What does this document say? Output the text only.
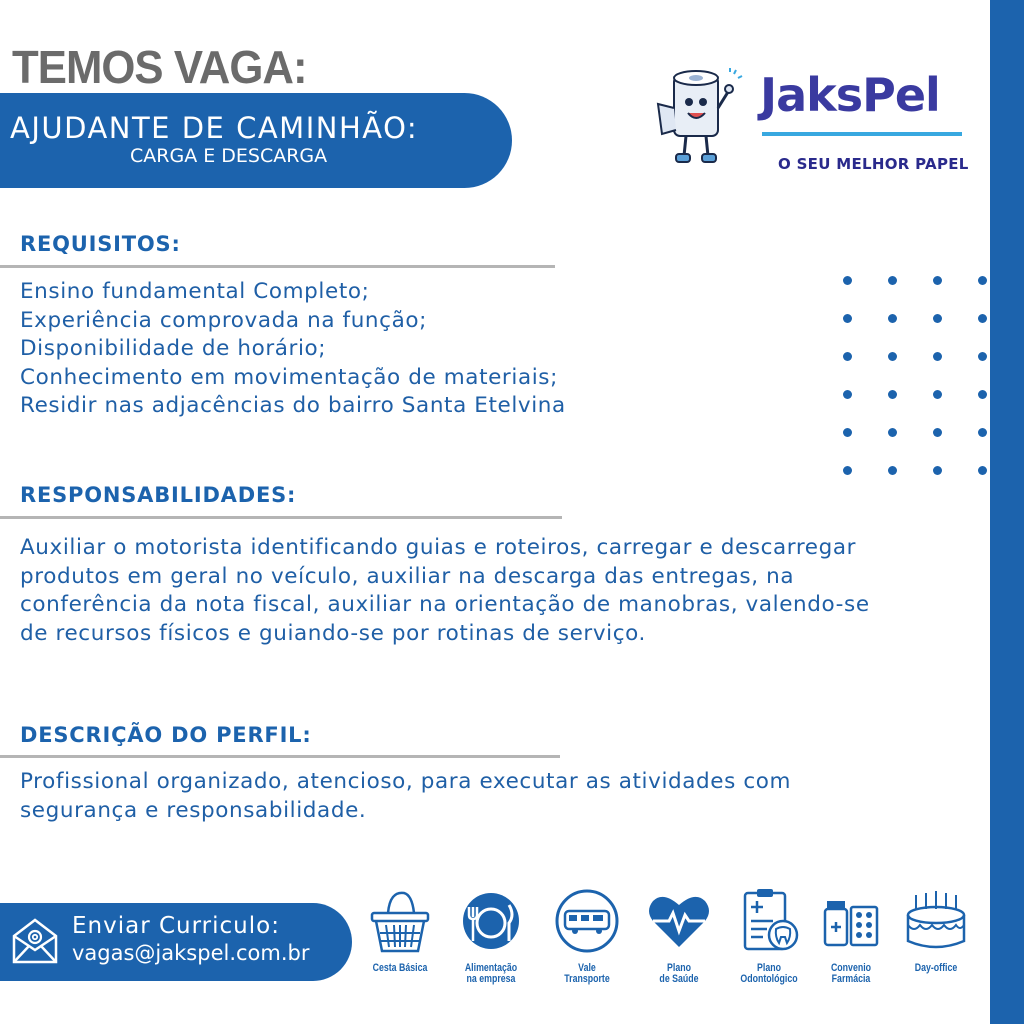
TEMOS VAGA:
AJUDANTE DE CAMINHÃO:
CARGA E DESCARGA
JaksPel
O SEU MELHOR PAPEL
REQUISITOS:
Ensino fundamental Completo;
Experiência comprovada na função;
Disponibilidade de horário;
Conhecimento em movimentação de materiais;
Residir nas adjacências do bairro Santa Etelvina
RESPONSABILIDADES:
Auxiliar o motorista identificando guias e roteiros, carregar e descarregar
produtos em geral no veículo, auxiliar na descarga das entregas, na
conferência da nota fiscal, auxiliar na orientação de manobras, valendo-se
de recursos físicos e guiando-se por rotinas de serviço.
DESCRIÇÃO DO PERFIL:
Profissional organizado, atencioso, para executar as atividades com
segurança e responsabilidade.
Enviar Curriculo:
vagas@jakspel.com.br
Cesta Básica	Alimentação
na empresa
Vale
Transporte
Plano
de Saúde
Plano
Odontológico
Convenio
Farmácia
Day-office
